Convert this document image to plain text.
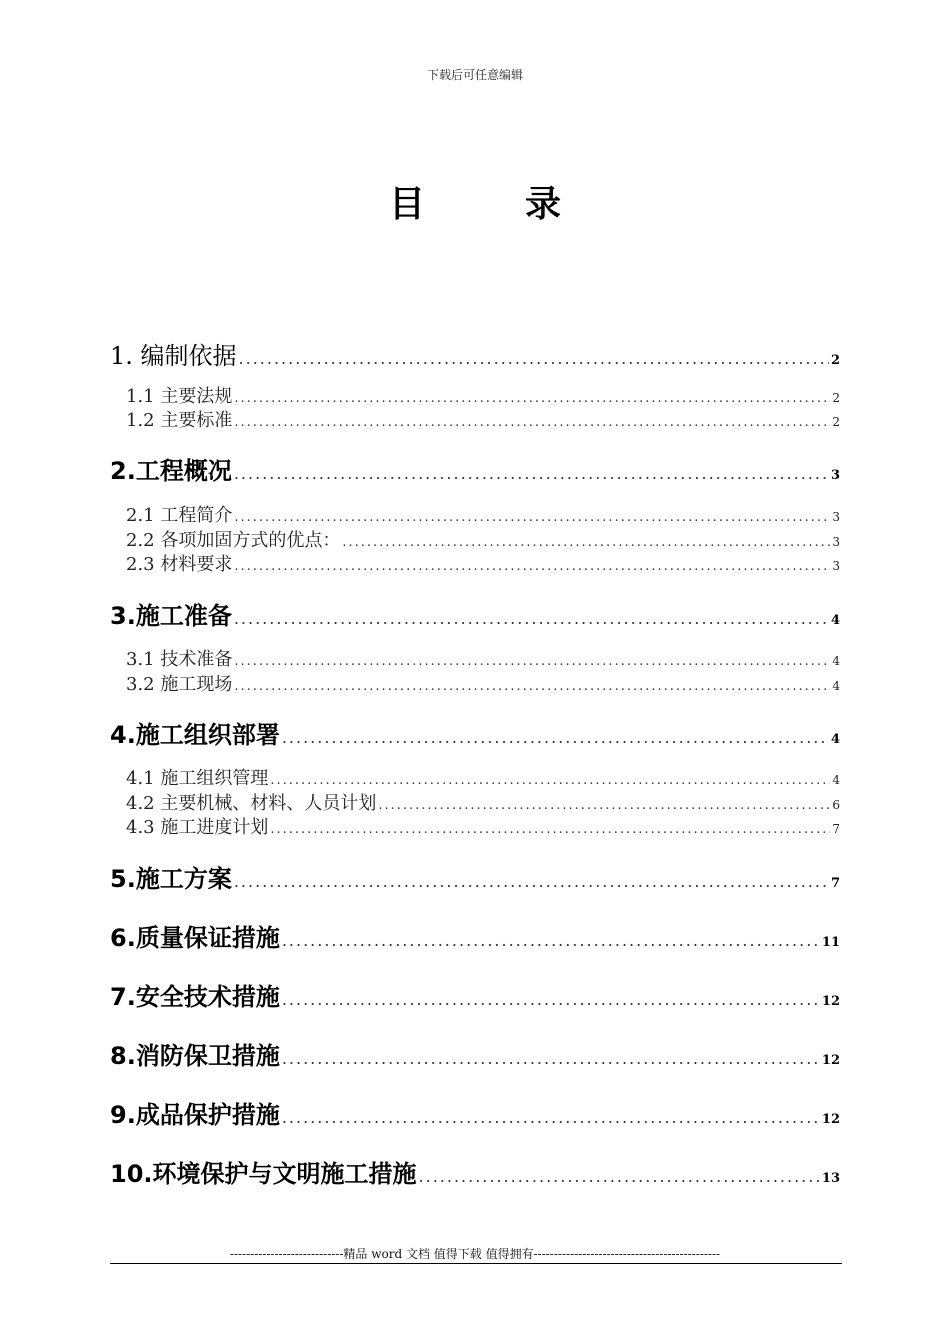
下载后可任意编辑
目录
1. 编制依据 .....	2
1.1 主要法规 .....	2
1.2 主要标准 .....	2
2.工程概况 .....	3
2.1 工程简介 .....	3
2.2 各项加固方式的优点： .....	3
2.3 材料要求 .....	3
3.施工准备 .....	4
3.1 技术准备 .....	4
3.2 施工现场 .....	4
4.施工组织部署 .....	4
4.1 施工组织管理 .....	4
4.2 主要机械、材料、人员计划 .....	6
4.3 施工进度计划 .....	7
5.施工方案 .....	7
6.质量保证措施 .....	11
7.安全技术措施 .....	12
8.消防保卫措施 .....	12
9.成品保护措施 .....	12
10.环境保护与文明施工措施 .....	13
----------------------------精品 word 文档 值得下载 值得拥有----------------------------------------------
